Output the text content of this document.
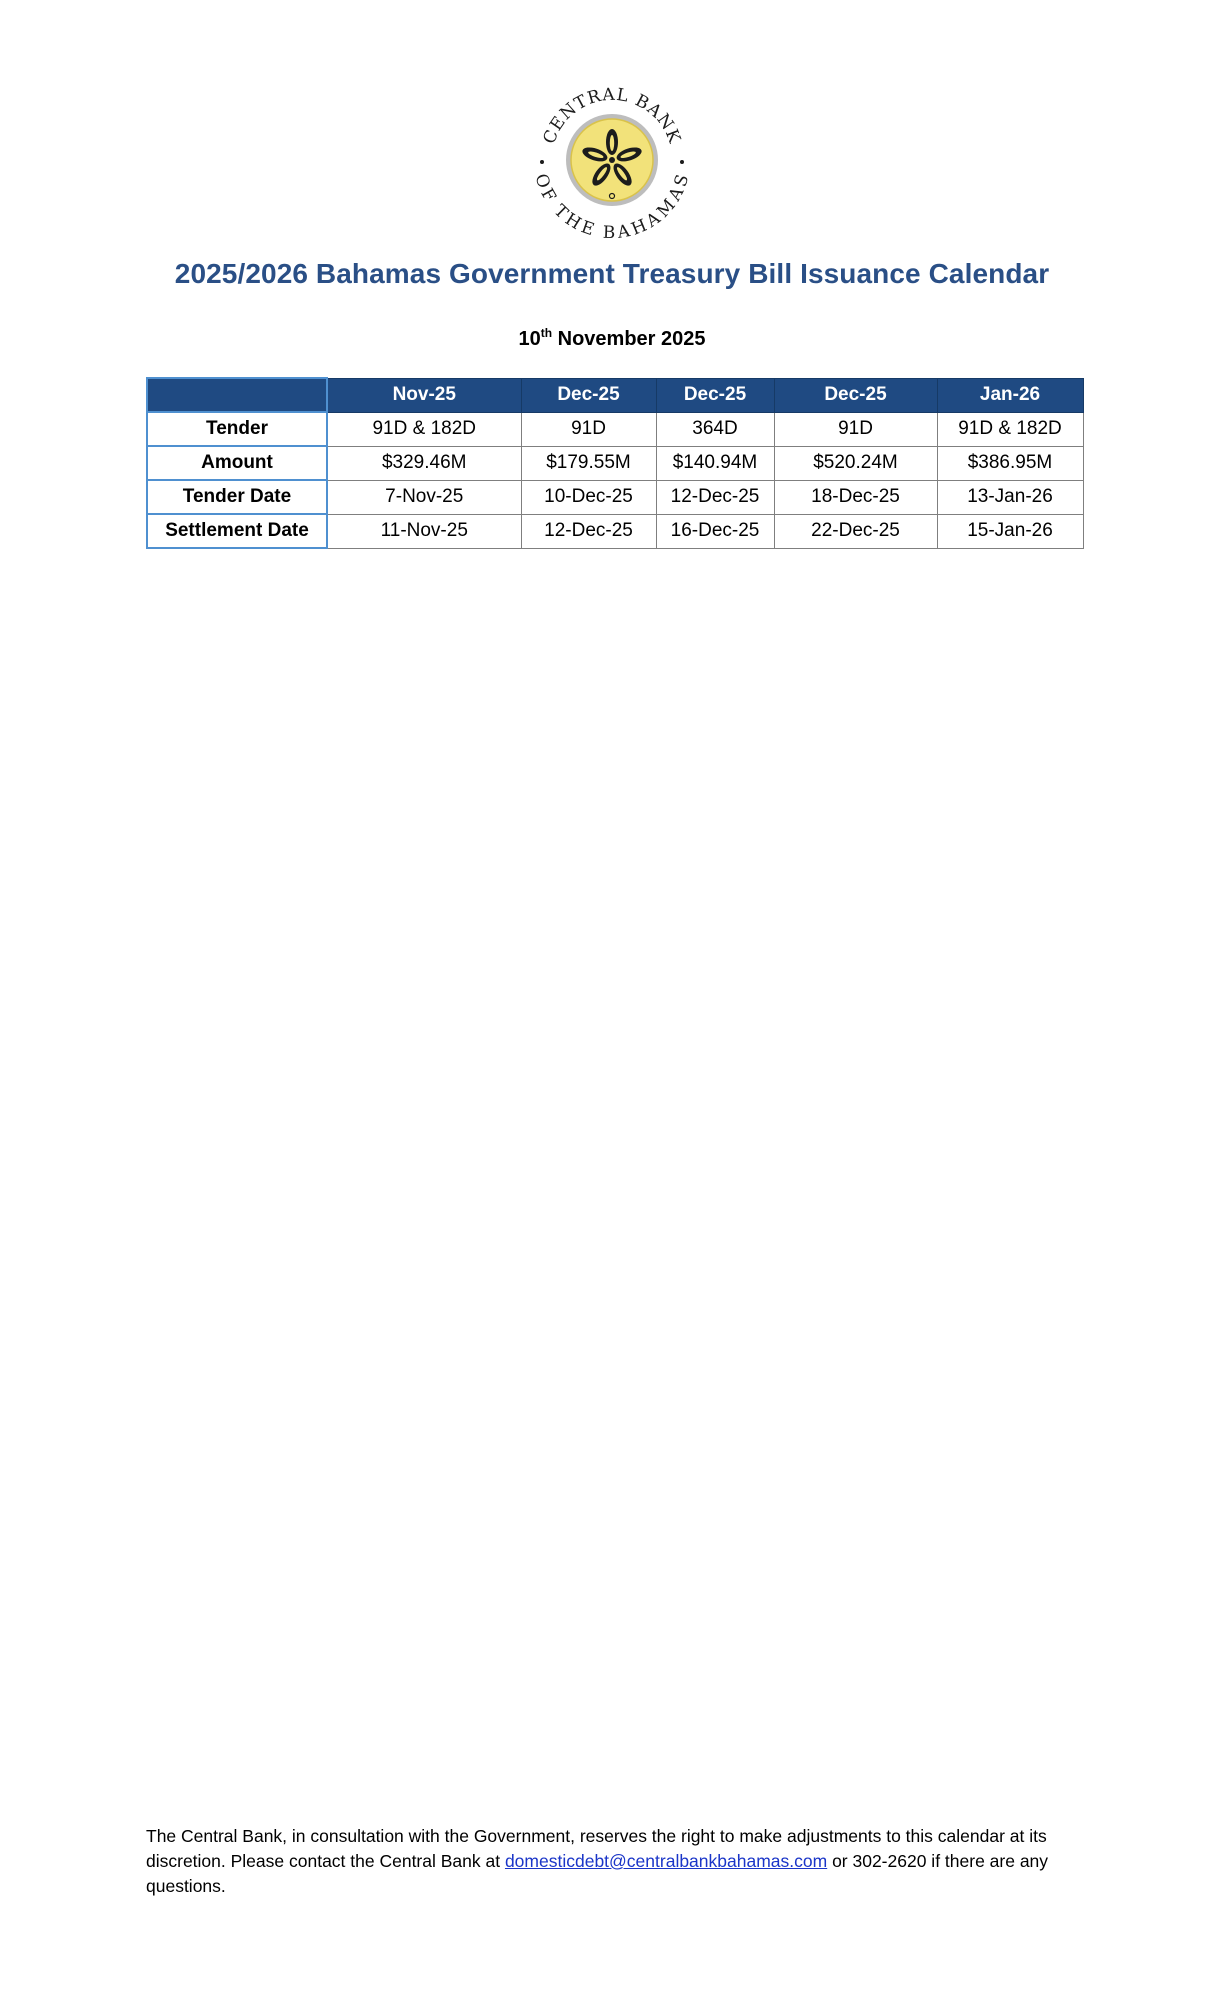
CENTRAL BANK
OF THE BAHAMAS
2025/2026 Bahamas Government Treasury Bill Issuance Calendar
10th November 2025
	Nov-25	Dec-25	Dec-25	Dec-25	Jan-26
Tender	91D & 182D	91D	364D	91D	91D & 182D
Amount	$329.46M	$179.55M	$140.94M	$520.24M	$386.95M
Tender Date	7-Nov-25	10-Dec-25	12-Dec-25	18-Dec-25	13-Jan-26
Settlement Date	11-Nov-25	12-Dec-25	16-Dec-25	22-Dec-25	15-Jan-26
The Central Bank, in consultation with the Government, reserves the right to make adjustments to this calendar at its discretion. Please contact the Central Bank at domesticdebt@centralbankbahamas.com or 302-2620 if there are any questions.
